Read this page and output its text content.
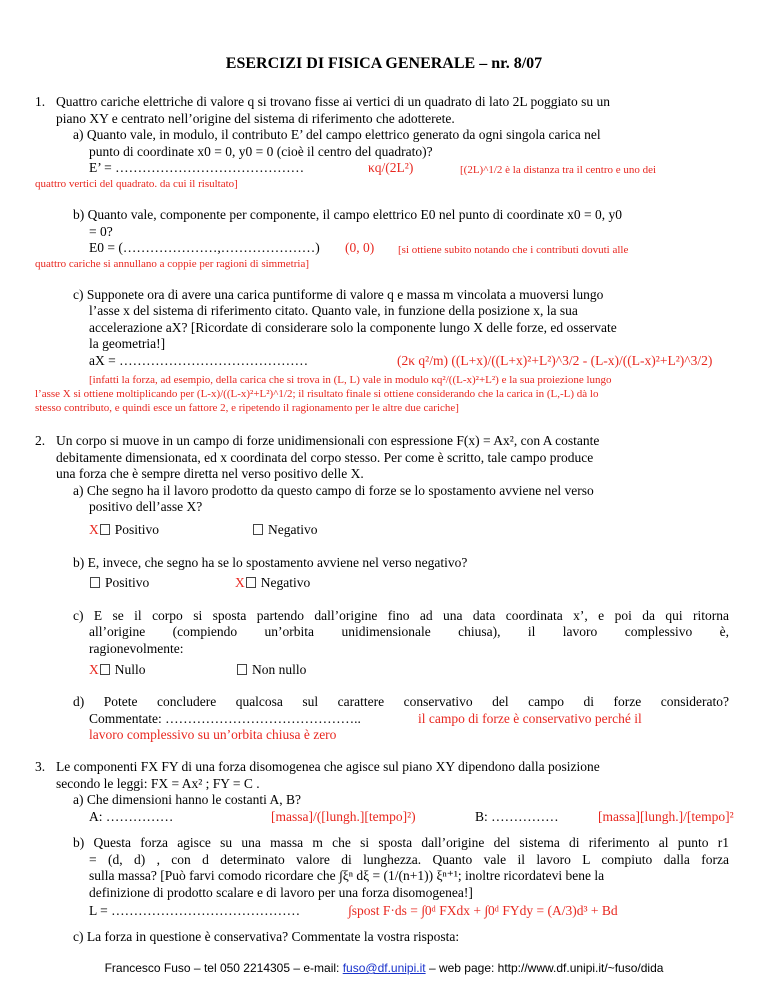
ESERCIZI DI FISICA GENERALE – nr. 8/07
1. Quattro cariche elettriche di valore q si trovano fisse ai vertici di un quadrato di lato 2L poggiato su un
piano XY e centrato nell’origine del sistema di riferimento che adotterete.
a) Quanto vale, in modulo, il contributo E’ del campo elettrico generato da ogni singola carica nel
punto di coordinate x0 = 0, y0 = 0 (cioè il centro del quadrato)?
E’ = ……………………………………	κq/(2L²)	[(2L)^1/2 è la distanza tra il centro e uno dei
quattro vertici del quadrato. da cui il risultato]
b) Quanto vale, componente per componente, il campo elettrico E0 nel punto di coordinate x0 = 0, y0
= 0?
E0 = (…………………,…………………) (0, 0) [si ottiene subito notando che i contributi dovuti alle
quattro cariche si annullano a coppie per ragioni di simmetria]
c) Supponete ora di avere una carica puntiforme di valore q e massa m vincolata a muoversi lungo
l’asse x del sistema di riferimento citato. Quanto vale, in funzione della posizione x, la sua
accelerazione aX? [Ricordate di considerare solo la componente lungo X delle forze, ed osservate
la geometria!]
aX = ……………………………………	(2κ q²/m) ((L+x)/((L+x)²+L²)^3/2 - (L-x)/((L-x)²+L²)^3/2)
[infatti la forza, ad esempio, della carica che si trova in (L, L) vale in modulo κq²/((L-x)²+L²) e la sua proiezione lungo
l’asse X si ottiene moltiplicando per (L-x)/((L-x)²+L²)^1/2; il risultato finale si ottiene considerando che la carica in (L,-L) dà lo
stesso contributo, e quindi esce un fattore 2, e ripetendo il ragionamento per le altre due cariche]
2. Un corpo si muove in un campo di forze unidimensionali con espressione F(x) = Ax², con A costante
debitamente dimensionata, ed x coordinata del corpo stesso. Per come è scritto, tale campo produce
una forza che è sempre diretta nel verso positivo delle X.
a) Che segno ha il lavoro prodotto da questo campo di forze se lo spostamento avviene nel verso
positivo dell’asse X?
X Positivo	Negativo
b) E, invece, che segno ha se lo spostamento avviene nel verso negativo?
Positivo	X Negativo
c) E se il corpo si sposta partendo dall’origine fino ad una data coordinata x’, e poi da qui ritorna
all’origine (compiendo un’orbita unidimensionale chiusa), il lavoro complessivo è,
ragionevolmente:
X Nullo	Non nullo
d) Potete concludere qualcosa sul carattere conservativo del campo di forze considerato?
Commentate: ……………………………………..	il campo di forze è conservativo perché il
lavoro complessivo su un’orbita chiusa è zero
3. Le componenti FX FY di una forza disomogenea che agisce sul piano XY dipendono dalla posizione
secondo le leggi: FX = Ax² ; FY = C .
a) Che dimensioni hanno le costanti A, B?
A: ……………	[massa]/([lungh.][tempo]²)	B: ……………	[massa][lungh.]/[tempo]²
b) Questa forza agisce su una massa m che si sposta dall’origine del sistema di riferimento al punto r1
= (d, d) , con d determinato valore di lunghezza. Quanto vale il lavoro L compiuto dalla forza
sulla massa? [Può farvi comodo ricordare che ∫ξⁿ dξ = (1/(n+1)) ξⁿ⁺¹; inoltre ricordatevi bene la
definizione di prodotto scalare e di lavoro per una forza disomogenea!]
L = ……………………………………	∫spost F·ds = ∫0ᵈ FXdx + ∫0ᵈ FYdy = (A/3)d³ + Bd
c) La forza in questione è conservativa? Commentate la vostra risposta:
Francesco Fuso – tel 050 2214305 – e-mail: fuso@df.unipi.it – web page: http://www.df.unipi.it/~fuso/dida
